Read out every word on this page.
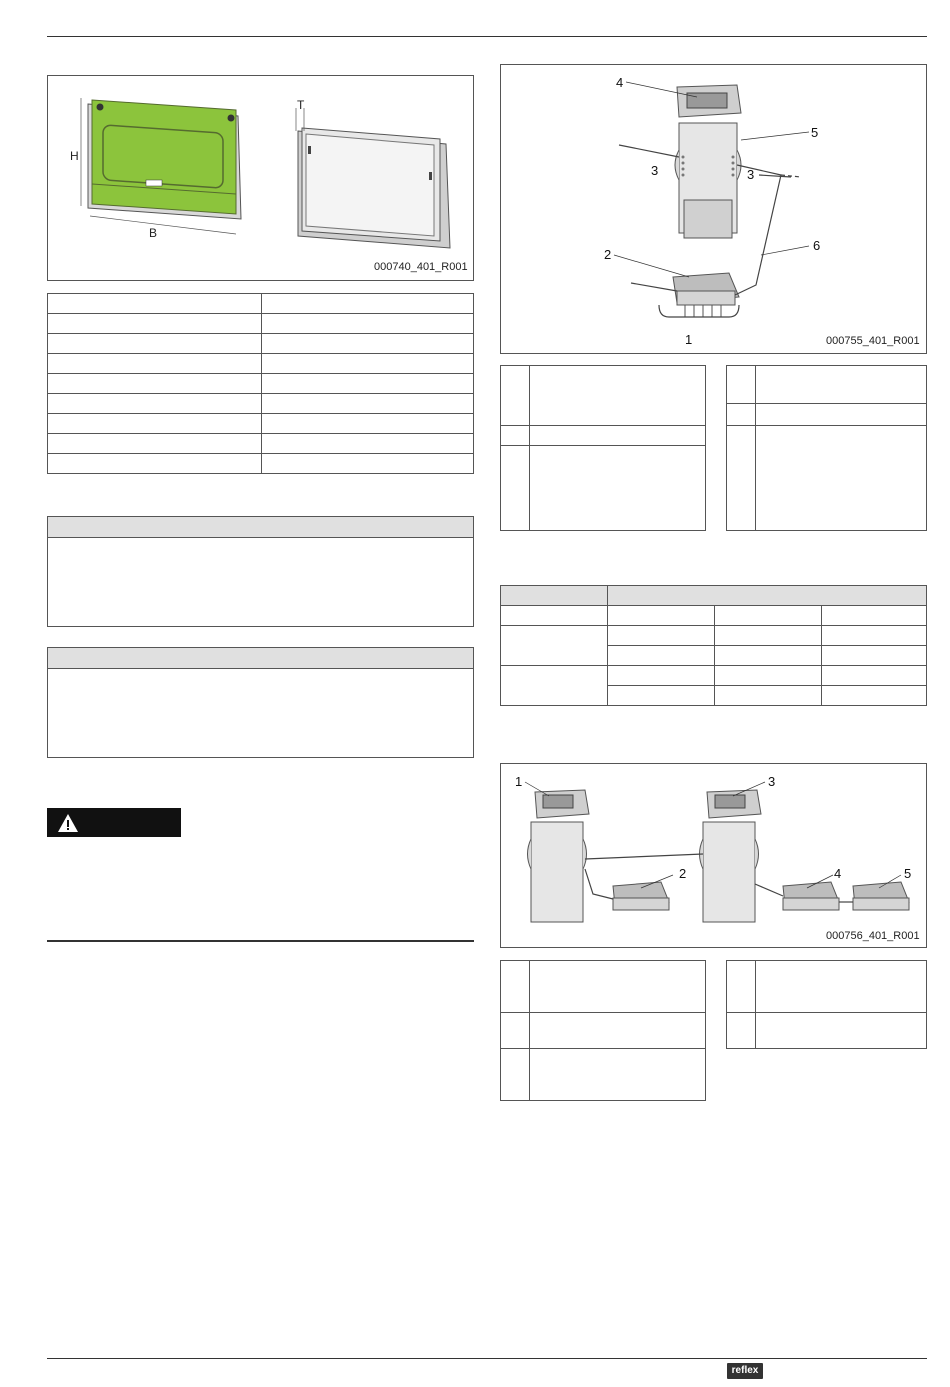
H
B
T
000740_401_R001

4
5
3	3
2
6
1	000755_401_R001

1	3
2	4	5
000756_401_R001

reflex
